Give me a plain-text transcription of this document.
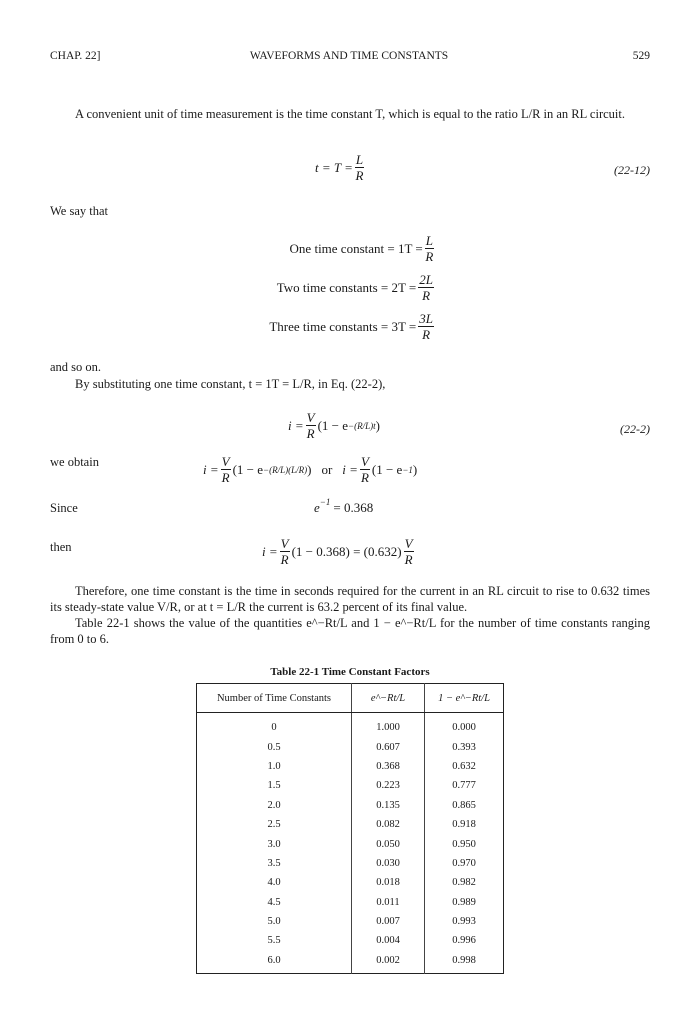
CHAP. 22]	WAVEFORMS AND TIME CONSTANTS	529
A convenient unit of time measurement is the time constant T, which is equal to the ratio L/R in an RL circuit.
$t = T = \frac{L}{R}$	(22-12)
We say that
One time constant = $1T = \frac{L}{R}$
Two time constants = $2T = \frac{2L}{R}$
Three time constants = $3T = \frac{3L}{R}$
and so on.
By substituting one time constant, t = 1T = L/R, in Eq. (22-2),
$i = \frac{V}{R} (1 - e -(R/L)t$ )	(22-2)
we obtain	$i = \frac{V}{R} (1 - e -(R/L)(L/R)$ ) or $i = \frac{V}{R} (1 - e -1$ )
Since	$e^{-1} = 0.368$
then	$i = \frac{V}{R} (1 - 0.368) = (0.632) \frac{V}{R}$
Therefore, one time constant is the time in seconds required for the current in an RL circuit to rise to 0.632 times its steady-state value V/R, or at t = L/R the current is 63.2 percent of its final value.
Table 22-1 shows the value of the quantities e^−Rt/L and 1 − e^−Rt/L for the number of time constants ranging from 0 to 6.
Table 22-1 Time Constant Factors
Number of Time Constants	e^−Rt/L	1 − e^−Rt/L
0	1.000	0.000
0.5	0.607	0.393
1.0	0.368	0.632
1.5	0.223	0.777
2.0	0.135	0.865
2.5	0.082	0.918
3.0	0.050	0.950
3.5	0.030	0.970
4.0	0.018	0.982
4.5	0.011	0.989
5.0	0.007	0.993
5.5	0.004	0.996
6.0	0.002	0.998
